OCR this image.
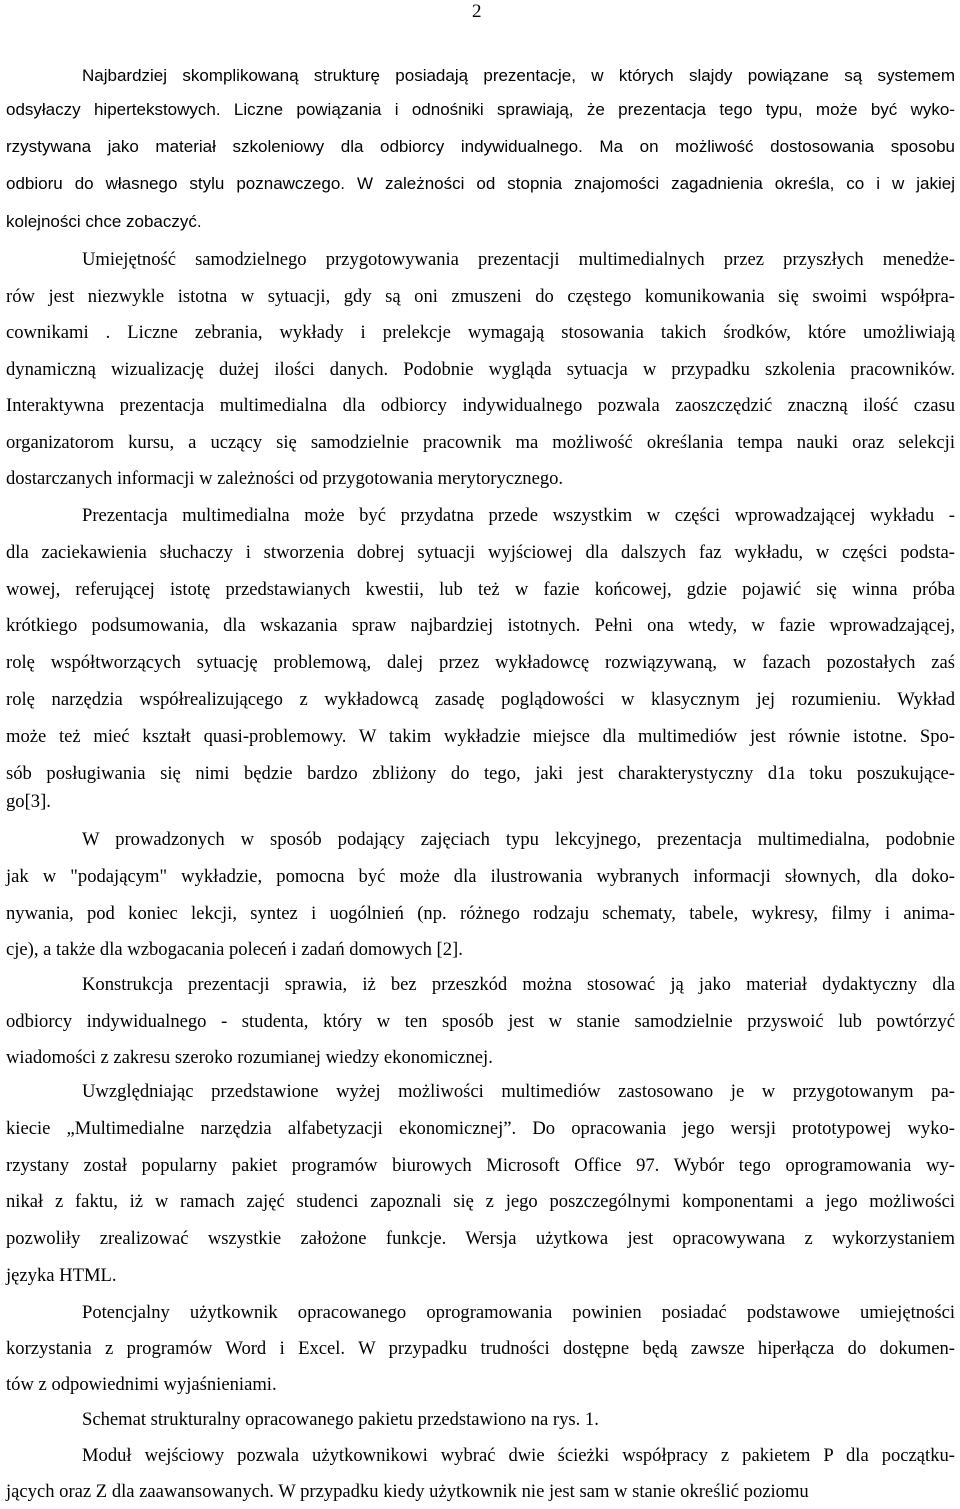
2
Najbardziej skomplikowaną strukturę posiadają prezentacje, w których slajdy powiązane są systemem
odsyłaczy hipertekstowych. Liczne powiązania i odnośniki sprawiają, że prezentacja tego typu, może być wyko-
rzystywana jako materiał szkoleniowy dla odbiorcy indywidualnego. Ma on możliwość dostosowania sposobu
odbioru do własnego stylu poznawczego. W zależności od stopnia znajomości zagadnienia określa, co i w jakiej
kolejności chce zobaczyć.
Umiejętność samodzielnego przygotowywania prezentacji multimedialnych przez przyszłych menedże-
rów jest niezwykle istotna w sytuacji, gdy są oni zmuszeni do częstego komunikowania się swoimi współpra-
cownikami . Liczne zebrania, wykłady i prelekcje wymagają stosowania takich środków, które umożliwiają
dynamiczną wizualizację dużej ilości danych. Podobnie wygląda sytuacja w przypadku szkolenia pracowników.
Interaktywna prezentacja multimedialna dla odbiorcy indywidualnego pozwala zaoszczędzić znaczną ilość czasu
organizatorom kursu, a uczący się samodzielnie pracownik ma możliwość określania tempa nauki oraz selekcji
dostarczanych informacji w zależności od przygotowania merytorycznego.
Prezentacja multimedialna może być przydatna przede wszystkim w części wprowadzającej wykładu -
dla zaciekawienia słuchaczy i stworzenia dobrej sytuacji wyjściowej dla dalszych faz wykładu, w części podsta-
wowej, referującej istotę przedstawianych kwestii, lub też w fazie końcowej, gdzie pojawić się winna próba
krótkiego podsumowania, dla wskazania spraw najbardziej istotnych. Pełni ona wtedy, w fazie wprowadzającej,
rolę współtworzących sytuację problemową, dalej przez wykładowcę rozwiązywaną, w fazach pozostałych zaś
rolę narzędzia współrealizującego z wykładowcą zasadę poglądowości w klasycznym jej rozumieniu. Wykład
może też mieć kształt quasi-problemowy. W takim wykładzie miejsce dla multimediów jest równie istotne. Spo-
sób posługiwania się nimi będzie bardzo zbliżony do tego, jaki jest charakterystyczny d1a toku poszukujące-
go[3].
W prowadzonych w sposób podający zajęciach typu lekcyjnego, prezentacja multimedialna, podobnie
jak w "podającym" wykładzie, pomocna być może dla ilustrowania wybranych informacji słownych, dla doko-
nywania, pod koniec lekcji, syntez i uogólnień (np. różnego rodzaju schematy, tabele, wykresy, filmy i anima-
cje), a także dla wzbogacania poleceń i zadań domowych [2].
Konstrukcja prezentacji sprawia, iż bez przeszkód można stosować ją jako materiał dydaktyczny dla
odbiorcy indywidualnego - studenta, który w ten sposób jest w stanie samodzielnie przyswoić lub powtórzyć
wiadomości z zakresu szeroko rozumianej wiedzy ekonomicznej.
Uwzględniając przedstawione wyżej możliwości multimediów zastosowano je w przygotowanym pa-
kiecie „Multimedialne narzędzia alfabetyzacji ekonomicznej”. Do opracowania jego wersji prototypowej wyko-
rzystany został popularny pakiet programów biurowych Microsoft Office 97. Wybór tego oprogramowania wy-
nikał z faktu, iż w ramach zajęć studenci zapoznali się z jego poszczególnymi komponentami a jego możliwości
pozwoliły zrealizować wszystkie założone funkcje. Wersja użytkowa jest opracowywana z wykorzystaniem
języka HTML.
Potencjalny użytkownik opracowanego oprogramowania powinien posiadać podstawowe umiejętności
korzystania z programów Word i Excel. W przypadku trudności dostępne będą zawsze hiperłącza do dokumen-
tów z odpowiednimi wyjaśnieniami.
Schemat strukturalny opracowanego pakietu przedstawiono na rys. 1.
Moduł wejściowy pozwala użytkownikowi wybrać dwie ścieżki współpracy z pakietem P dla początku-
jących oraz Z dla zaawansowanych. W przypadku kiedy użytkownik nie jest sam w stanie określić poziomu
